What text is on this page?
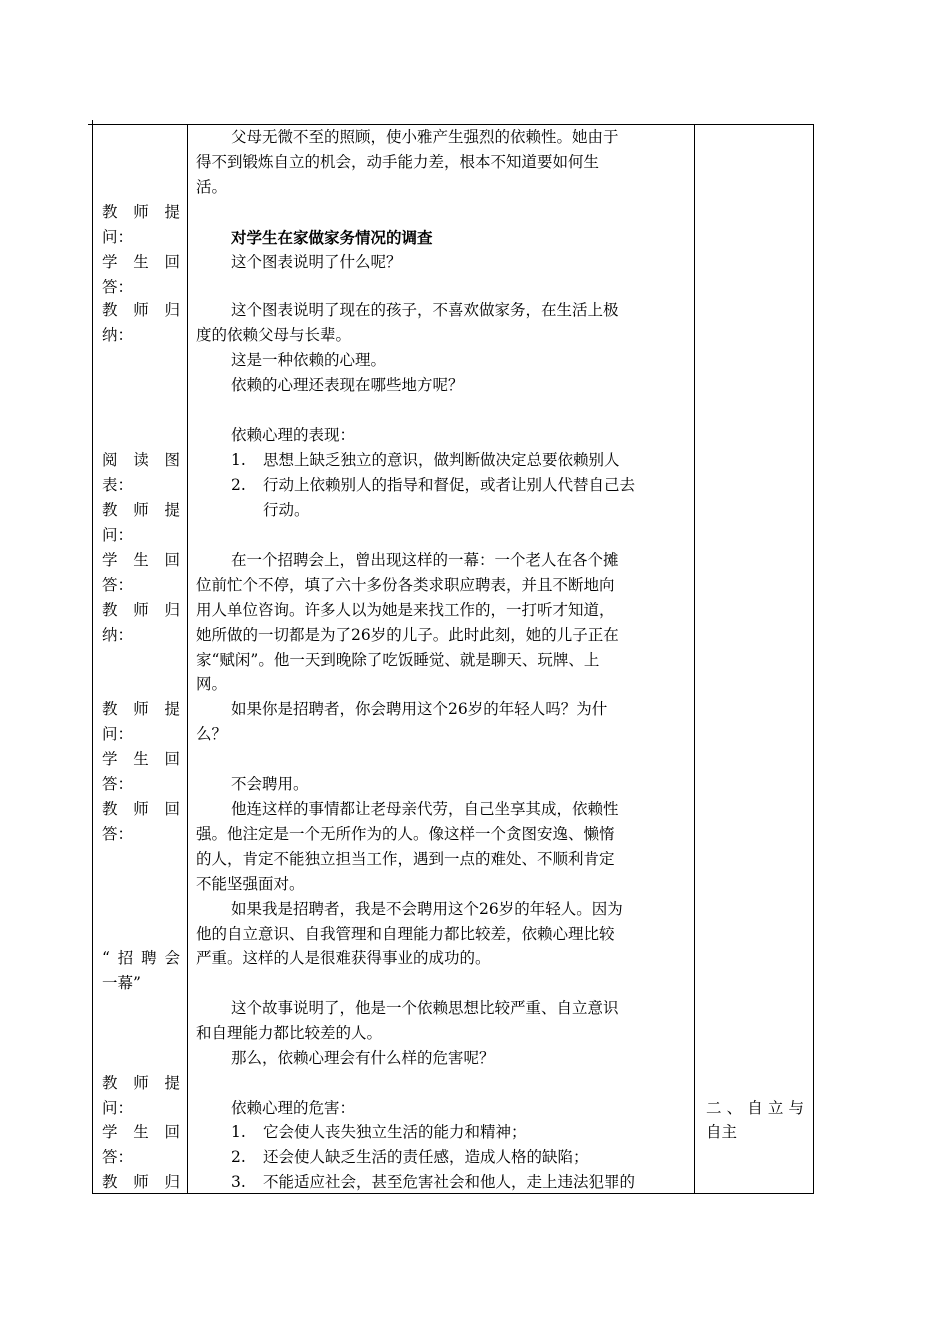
教 师 提
问：
学 生 回
答：
教 师 归
纳：
阅 读 图
表：
教 师 提
问：
学 生 回
答：
教 师 归
纳：
教 师 提
问：
学 生 回
答：
教 师 回
答：
“招聘会
一幕”
教 师 提
问：
学 生 回
答：
教 师 归
父母无微不至的照顾，使小雅产生强烈的依赖性。她由于
得不到锻炼自立的机会，动手能力差，根本不知道要如何生
活。
对学生在家做家务情况的调查
这个图表说明了什么呢？
这个图表说明了现在的孩子，不喜欢做家务，在生活上极
度的依赖父母与长辈。
这是一种依赖的心理。
依赖的心理还表现在哪些地方呢？
依赖心理的表现：
1. 思想上缺乏独立的意识，做判断做决定总要依赖别人
2. 行动上依赖别人的指导和督促，或者让别人代替自己去
行动。
在一个招聘会上，曾出现这样的一幕：一个老人在各个摊
位前忙个不停，填了六十多份各类求职应聘表，并且不断地向
用人单位咨询。许多人以为她是来找工作的，一打听才知道，
她所做的一切都是为了26岁的儿子。此时此刻，她的儿子正在
家“赋闲”。他一天到晚除了吃饭睡觉、就是聊天、玩牌、上
网。
如果你是招聘者，你会聘用这个26岁的年轻人吗？为什
么？
不会聘用。
他连这样的事情都让老母亲代劳，自己坐享其成，依赖性
强。他注定是一个无所作为的人。像这样一个贪图安逸、懒惰
的人，肯定不能独立担当工作，遇到一点的难处、不顺利肯定
不能坚强面对。
如果我是招聘者，我是不会聘用这个26岁的年轻人。因为
他的自立意识、自我管理和自理能力都比较差，依赖心理比较
严重。这样的人是很难获得事业的成功的。
这个故事说明了，他是一个依赖思想比较严重、自立意识
和自理能力都比较差的人。
那么，依赖心理会有什么样的危害呢？
依赖心理的危害：
1. 它会使人丧失独立生活的能力和精神；
2. 还会使人缺乏生活的责任感，造成人格的缺陷；
3. 不能适应社会，甚至危害社会和他人，走上违法犯罪的
二、自立与
自主
